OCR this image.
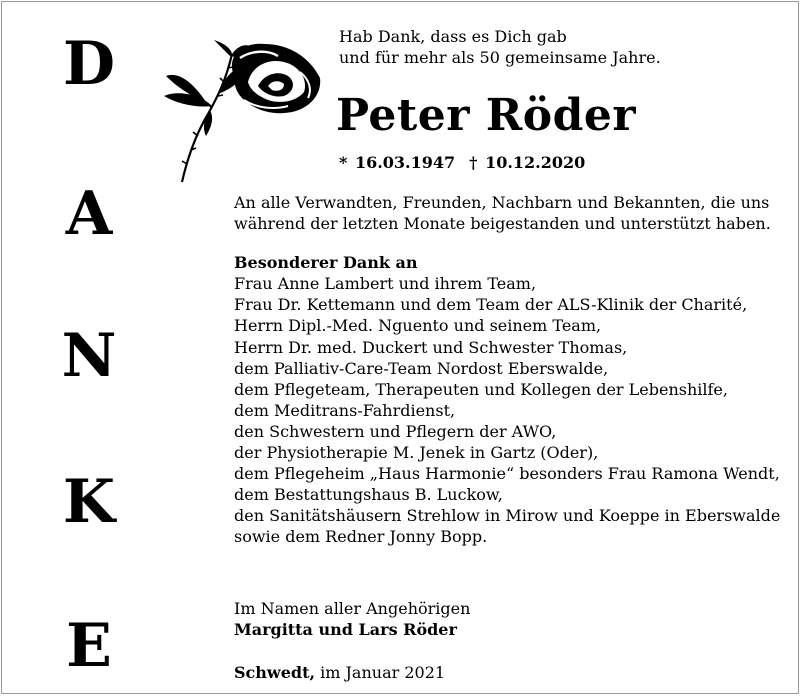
D
A
N
K
E
Hab Dank, dass es Dich gab
und für mehr als 50 gemeinsame Jahre.
Peter Röder
* 16.03.1947 † 10.12.2020

An alle Verwandten, Freunden, Nachbarn und Bekannten, die uns während der letzten Monate beigestanden und unterstützt haben.

Besonderer Dank an
Frau Anne Lambert und ihrem Team,
Frau Dr. Kettemann und dem Team der ALS-Klinik der Charité,
Herrn Dipl.-Med. Nguento und seinem Team,
Herrn Dr. med. Duckert und Schwester Thomas,
dem Palliativ-Care-Team Nordost Eberswalde,
dem Pflegeteam, Therapeuten und Kollegen der Lebenshilfe,
dem Meditrans-Fahrdienst,
den Schwestern und Pflegern der AWO,
der Physiotherapie M. Jenek in Gartz (Oder),
dem Pflegeheim „Haus Harmonie“ besonders Frau Ramona Wendt,
dem Bestattungshaus B. Luckow,
den Sanitätshäusern Strehlow in Mirow und Koeppe in Eberswalde
sowie dem Redner Jonny Bopp.
Im Namen aller Angehörigen
Margitta und Lars Röder
Schwedt, im Januar 2021
